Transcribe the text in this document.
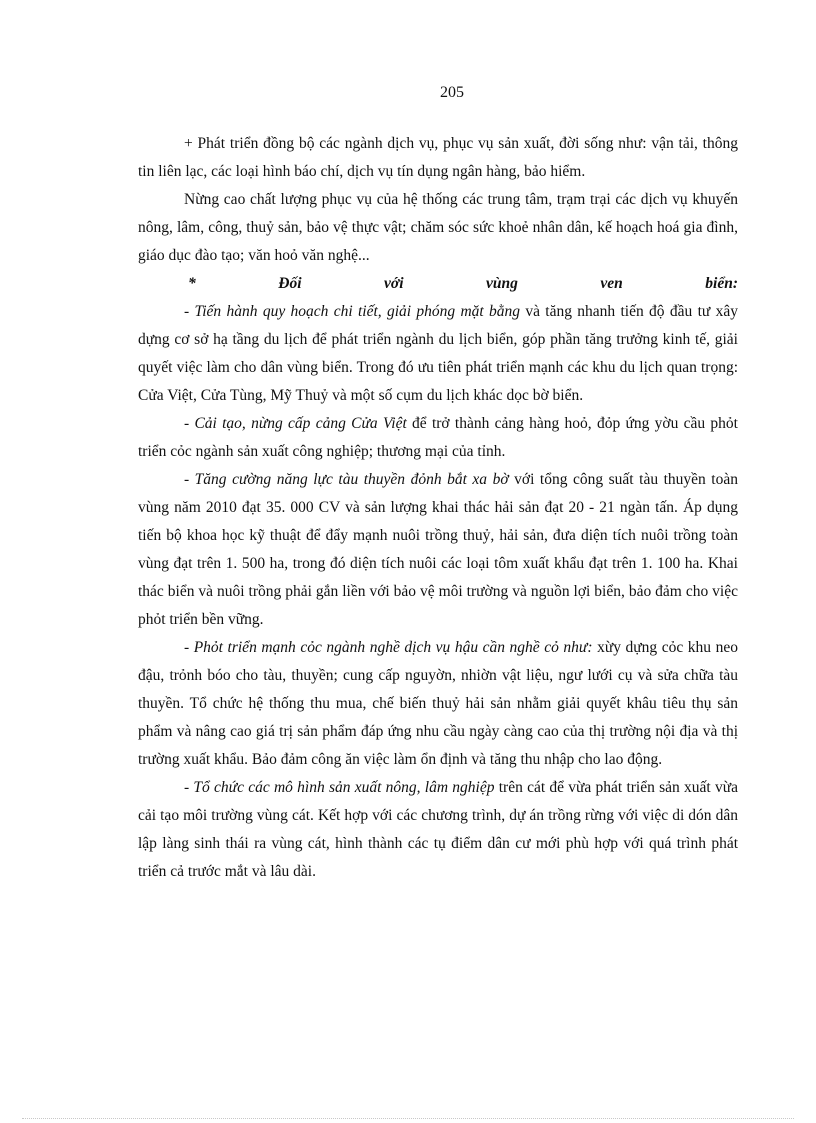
205

+ Phát triển đồng bộ các ngành dịch vụ, phục vụ sản xuất, đời sống như: vận tải, thông tin liên lạc, các loại hình báo chí, dịch vụ tín dụng ngân hàng, bảo hiểm.

Nừng cao chất lượng phục vụ của hệ thống các trung tâm, trạm trại các dịch vụ khuyến nông, lâm, công, thuỷ sản, bảo vệ thực vật; chăm sóc sức khoẻ nhân dân, kế hoạch hoá gia đình, giáo dục đào tạo; văn hoỏ văn nghệ...

*	Đối	với	vùng	ven	biển:

- Tiến hành quy hoạch chi tiết, giải phóng mặt bằng và tăng nhanh tiến độ đầu tư xây dựng cơ sở hạ tầng du lịch để phát triển ngành du lịch biển, góp phần tăng trưởng kinh tế, giải quyết việc làm cho dân vùng biển. Trong đó ưu tiên phát triển mạnh các khu du lịch quan trọng: Cửa Việt, Cửa Tùng, Mỹ Thuỷ và một số cụm du lịch khác dọc bờ biển.

- Cải tạo, nừng cấp cảng Cửa Việt để trở thành cảng hàng hoỏ, đỏp ứng yờu cầu phỏt triển cỏc ngành sản xuất công nghiệp; thương mại của tỉnh.

- Tăng cường năng lực tàu thuyền đỏnh bắt xa bờ với tổng công suất tàu thuyền toàn vùng năm 2010 đạt 35. 000 CV và sản lượng khai thác hải sản đạt 20 - 21 ngàn tấn. Áp dụng tiến bộ khoa học kỹ thuật để đẩy mạnh nuôi trồng thuỷ, hải sản, đưa diện tích nuôi trồng toàn vùng đạt trên 1. 500 ha, trong đó diện tích nuôi các loại tôm xuất khẩu đạt trên 1. 100 ha. Khai thác biển và nuôi trồng phải gắn liền với bảo vệ môi trường và nguồn lợi biển, bảo đảm cho việc phỏt triển bền vững.

- Phỏt triển mạnh cỏc ngành nghề dịch vụ hậu cần nghề cỏ như: xừy dựng cỏc khu neo đậu, trỏnh bóo cho tàu, thuyền; cung cấp nguyờn, nhiờn vật liệu, ngư lưới cụ và sửa chữa tàu thuyền. Tổ chức hệ thống thu mua, chế biến thuỷ hải sản nhằm giải quyết khâu tiêu thụ sản phẩm và nâng cao giá trị sản phẩm đáp ứng nhu cầu ngày càng cao của thị trường nội địa và thị trường xuất khẩu. Bảo đảm công ăn việc làm ổn định và tăng thu nhập cho lao động.

- Tổ chức các mô hình sản xuất nông, lâm nghiệp trên cát để vừa phát triển sản xuất vừa cải tạo môi trường vùng cát. Kết hợp với các chương trình, dự án trồng rừng với việc di dón dân lập làng sinh thái ra vùng cát, hình thành các tụ điểm dân cư mới phù hợp với quá trình phát triển cả trước mắt và lâu dài.
